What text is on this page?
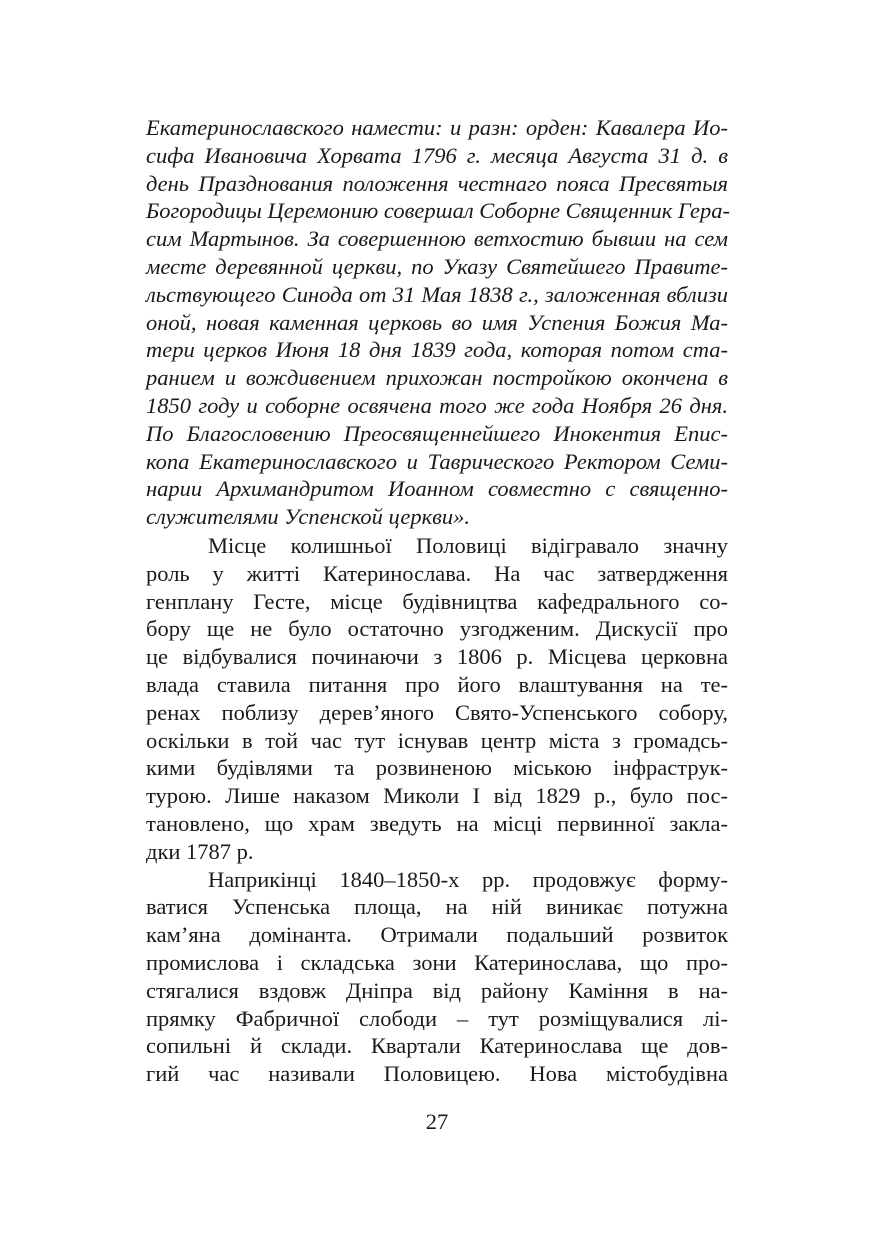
Екатеринославского намести: и разн: орден: Кавалера Ио-
сифа Ивановича Хорвата 1796 г. месяца Августа 31 д. в
день Празднования положення честнаго пояса Пресвятыя
Богородицы Церемонию совершал Соборне Священник Гера-
сим Мартынов. За совершенною ветхостию бывши на сем
месте деревянной церкви, по Указу Святейшего Правите-
льствующего Синода от 31 Мая 1838 г., заложенная вблизи
оной, новая каменная церковь во имя Успения Божия Ма-
тери церков Июня 18 дня 1839 года, которая потом ста-
ранием и вождивением прихожан постройкою окончена в
1850 году и соборне освячена того же года Ноября 26 дня.
По Благословению Преосвященнейшего Инокентия Епис-
копа Екатеринославского и Таврического Ректором Семи-
нарии Архимандритом Иоанном совместно с священно-
служителями Успенской церкви».
Місце колишньої Половиці відігравало значну
роль у житті Катеринослава. На час затвердження
генплану Гесте, місце будівництва кафедрального со-
бору ще не було остаточно узгодженим. Дискусії про
це відбувалися починаючи з 1806 р. Місцева церковна
влада ставила питання про його влаштування на те-
ренах поблизу дерев’яного Свято-Успенського собору,
оскільки в той час тут існував центр міста з громадсь-
кими будівлями та розвиненою міською інфраструк-
турою. Лише наказом Миколи І від 1829 р., було пос-
тановлено, що храм зведуть на місці первинної заклa-
дки 1787 р.
Наприкінці 1840–1850-х рр. продовжує форму-
ватися Успенська площа, на ній виникає потужна
кам’яна домінанта. Отримали подальший розвиток
промислова і складська зони Катеринослава, що про-
стягалися вздовж Дніпра від району Каміння в на-
прямку Фабричної слободи – тут розміщувалися лі-
сопильні й склади. Квартали Катеринослава ще дов-
гий час називали Половицею. Нова містобудівна
27
